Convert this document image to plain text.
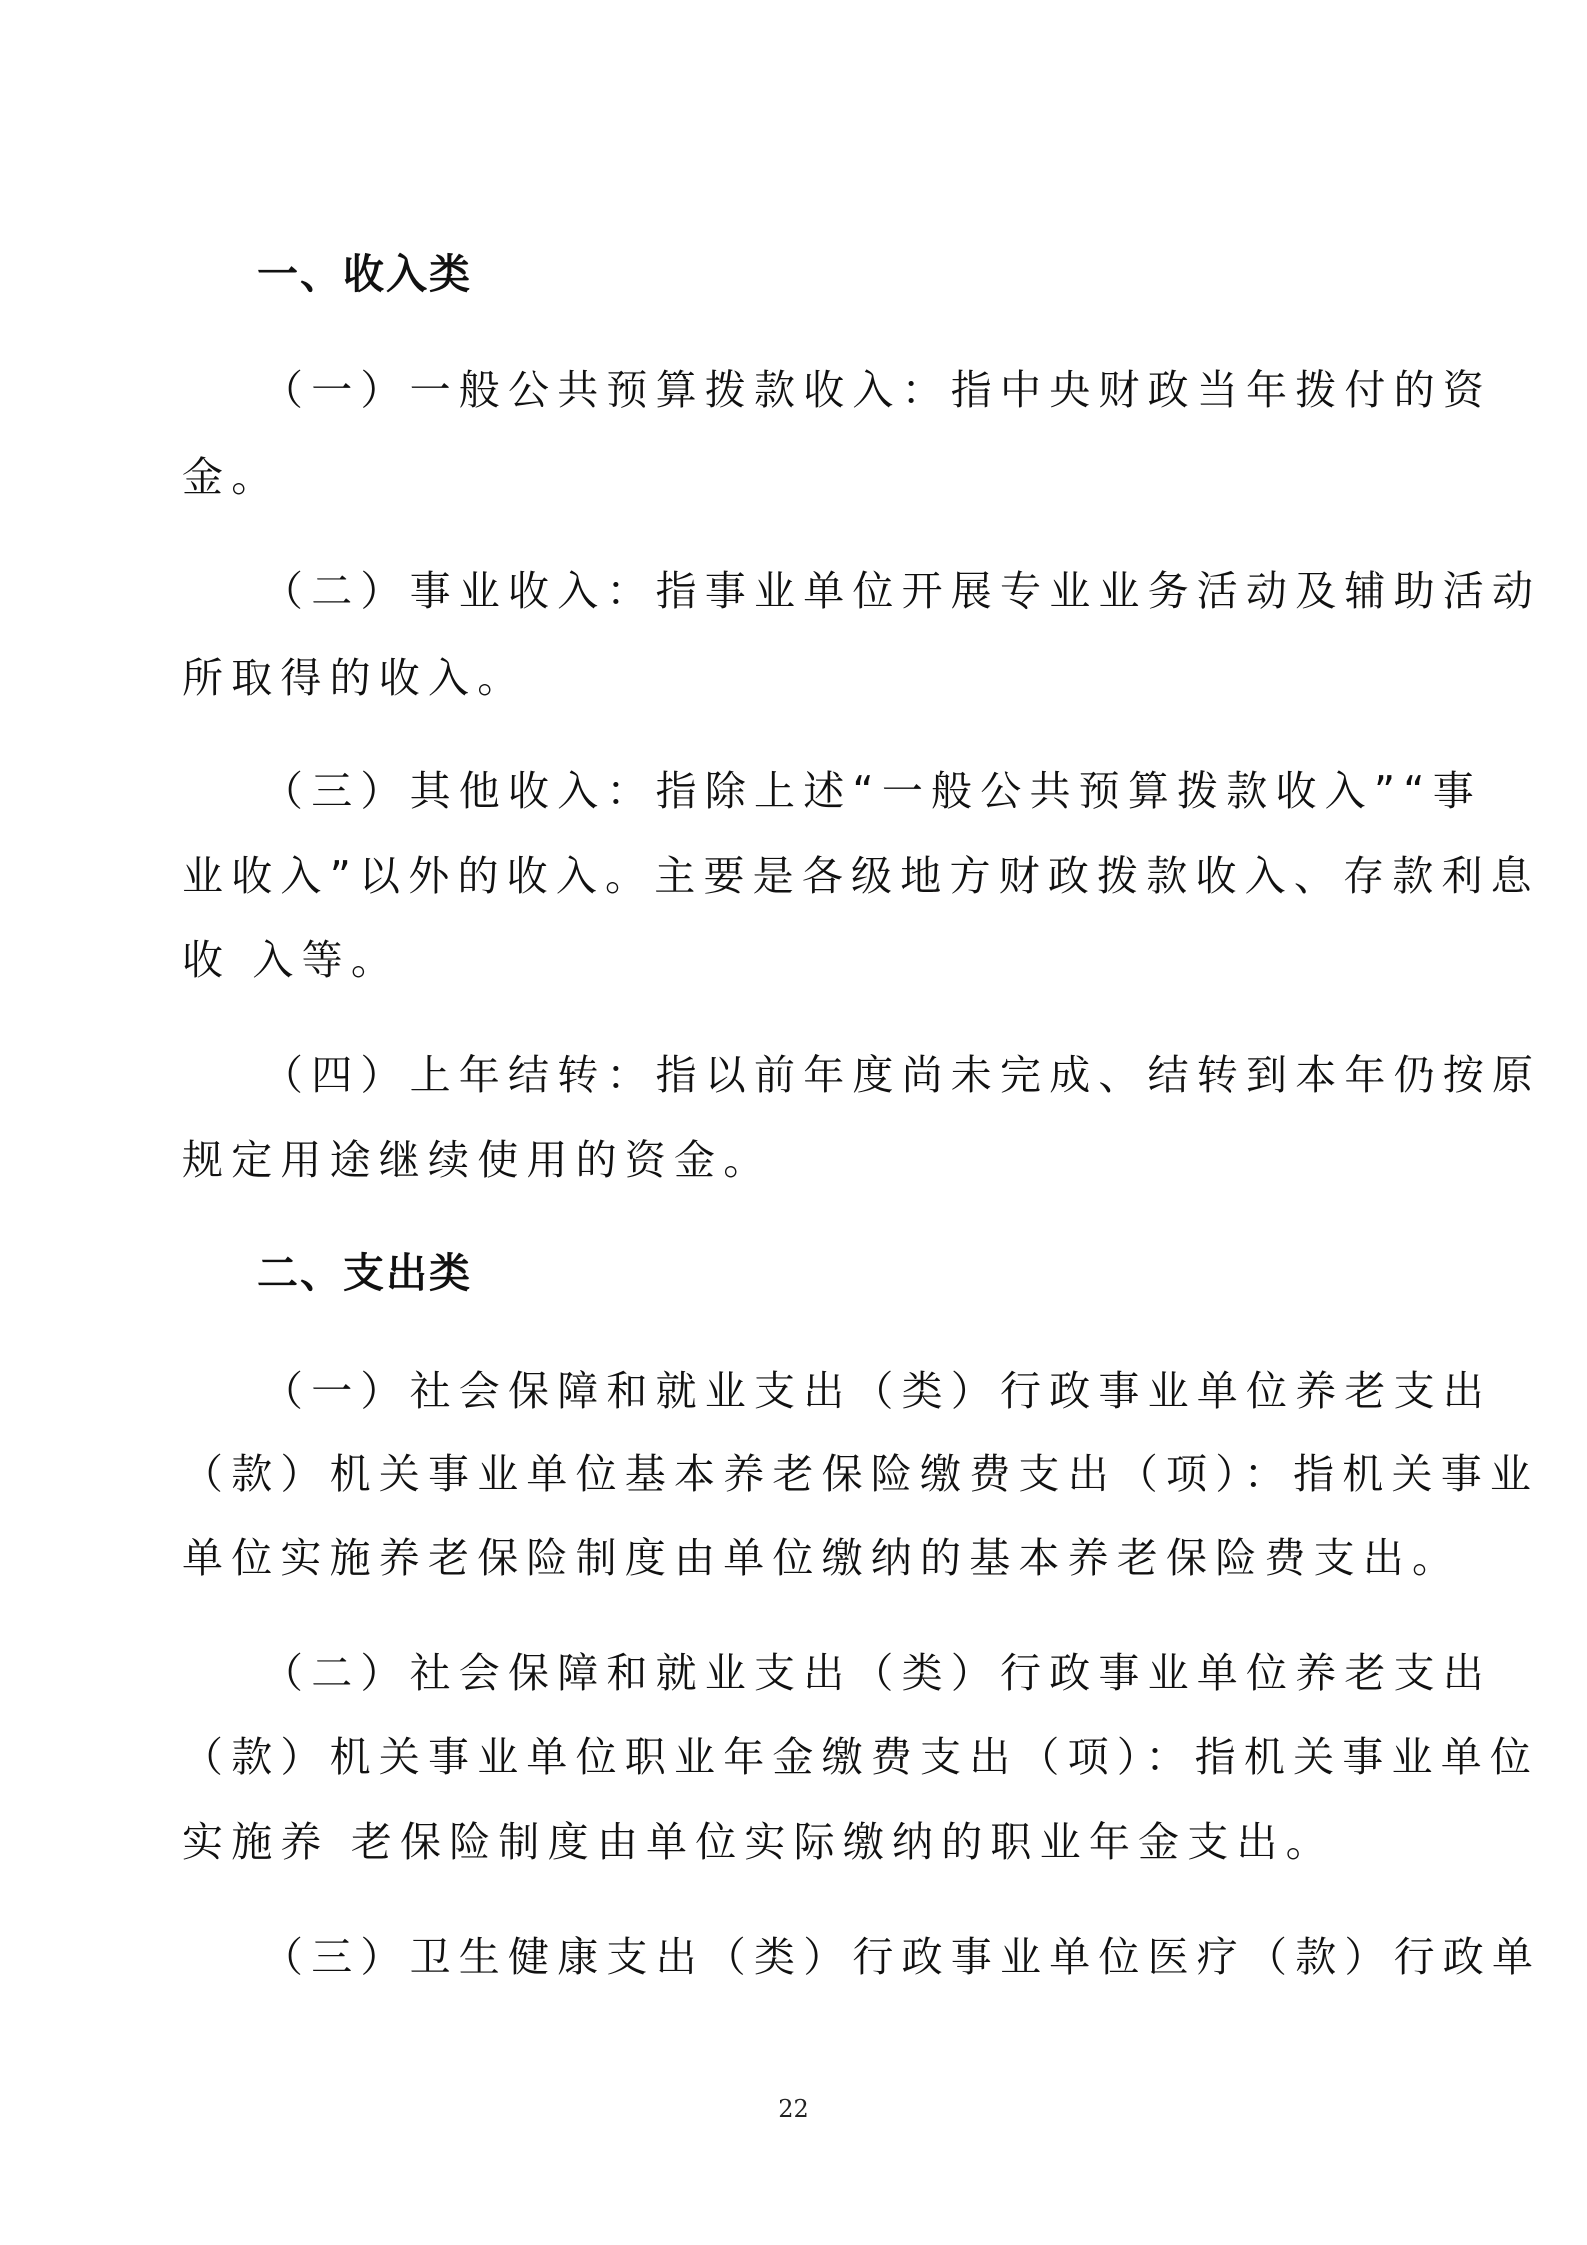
一、收入类
（一）一般公共预算拨款收入：指中央财政当年拨付的资
金。
（二）事业收入：指事业单位开展专业业务活动及辅助活动
所取得的收入。
（三）其他收入：指除上述“一般公共预算拨款收入”“事
业收入”以外的收入。主要是各级地方财政拨款收入、存款利息
收 入等。
（四）上年结转：指以前年度尚未完成、结转到本年仍按原
规定用途继续使用的资金。
二、支出类
（一）社会保障和就业支出（类）行政事业单位养老支出
（款）机关事业单位基本养老保险缴费支出（项）：指机关事业
单位实施养老保险制度由单位缴纳的基本养老保险费支出。
（二）社会保障和就业支出（类）行政事业单位养老支出
（款）机关事业单位职业年金缴费支出（项）：指机关事业单位
实施养 老保险制度由单位实际缴纳的职业年金支出。
（三）卫生健康支出（类）行政事业单位医疗（款）行政单
22
